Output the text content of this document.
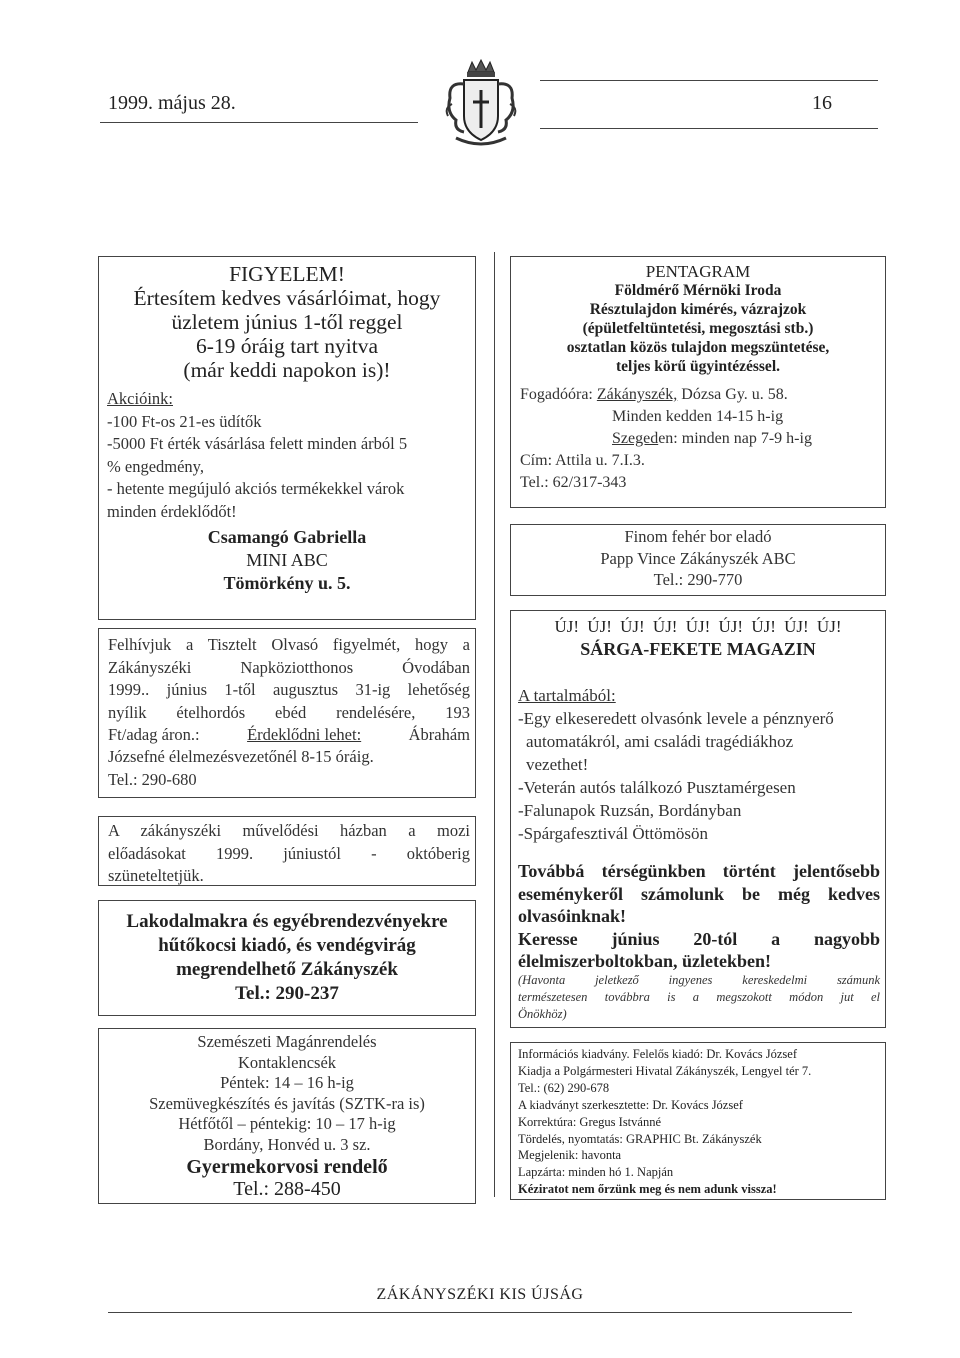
1999. május 28.	16
FIGYELEM!
Értesítem kedves vásárlóimat, hogy
üzletem június 1-től reggel
6-19 óráig tart nyitva
(már keddi napokon is)!
Akcióink:
-100 Ft-os 21-es üdítők
-5000 Ft érték vásárlása felett minden árból 5
% engedmény,
- hetente megújuló akciós termékekkel várok
minden érdeklődőt!
Csamangó Gabriella
MINI ABC
Tömörkény u. 5.
Felhívjuk a Tisztelt Olvasó figyelmét, hogy a
Zákányszéki Napköziotthonos Óvodában
1999.. június 1-től augusztus 31-ig lehetőség
nyílik ételhordós ebéd rendelésére, 193
Ft/adag áron.:	Érdeklődni lehet:	Ábrahám
Józsefné élelmezésvezetőnél 8-15 óráig.
Tel.: 290-680
A zákányszéki művelődési házban a mozi
előadásokat 1999. júniustól - októberig
szüneteltetjük.
Lakodalmakra és egyébrendezvényekre
hűtőkocsi kiadó, és vendégvirág
megrendelhető Zákányszék
Tel.: 290-237
Szemészeti Magánrendelés
Kontaklencsék
Péntek: 14 – 16 h-ig
Szemüvegkészítés és javítás (SZTK-ra is)
Hétfőtől – péntekig: 10 – 17 h-ig
Bordány, Honvéd u. 3 sz.
Gyermekorvosi rendelő
Tel.: 288-450
PENTAGRAM
Földmérő Mérnöki Iroda
Résztulajdon kimérés, vázrajzok
(épületfeltüntetési, megosztási stb.)
osztatlan közös tulajdon megszüntetése,
teljes körű ügyintézéssel.
Fogadóóra: Zákányszék, Dózsa Gy. u. 58.
Minden kedden 14-15 h-ig
Szegeden: minden nap 7-9 h-ig
Cím: Attila u. 7.I.3.
Tel.: 62/317-343
Finom fehér bor eladó
Papp Vince Zákányszék ABC
Tel.: 290-770
ÚJ! ÚJ! ÚJ! ÚJ! ÚJ! ÚJ! ÚJ! ÚJ! ÚJ!
SÁRGA-FEKETE MAGAZIN
A tartalmából:
-Egy elkeseredett olvasónk levele a pénznyerő
automatákról, ami családi tragédiákhoz
vezethet!
-Veterán autós találkozó Pusztamérgesen
-Falunapok Ruzsán, Bordányban
-Spárgafesztivál Öttömösön
Továbbá térségünkben történt jelentősebb
eseménykeről számolunk be még kedves
olvasóinknak!
Keresse június 20-tól a nagyobb
élelmiszerboltokban, üzletekben!
(Havonta jeletkező ingyenes kereskedelmi számunk
természetesen továbbra is a megszokott módon jut el
Önökhöz)
Információs kiadvány. Felelős kiadó: Dr. Kovács József
Kiadja a Polgármesteri Hivatal Zákányszék, Lengyel tér 7.
Tel.: (62) 290-678
A kiadványt szerkesztette: Dr. Kovács József
Korrektúra: Gregus Istvánné
Tördelés, nyomtatás: GRAPHIC Bt. Zákányszék
Megjelenik: havonta
Lapzárta: minden hó 1. Napján
Kéziratot nem őrzünk meg és nem adunk vissza!
ZÁKÁNYSZÉKI KIS ÚJSÁG
